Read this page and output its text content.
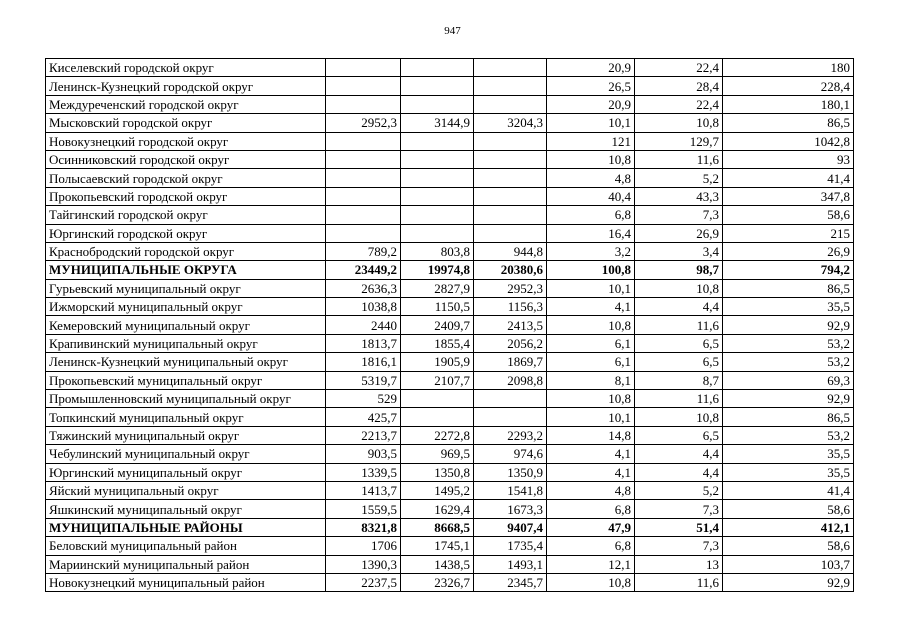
947
Киселевский городской округ				20,9	22,4	180
Ленинск-Кузнецкий городской округ				26,5	28,4	228,4
Междуреченский городской округ				20,9	22,4	180,1
Мысковский городской округ	2952,3	3144,9	3204,3	10,1	10,8	86,5
Новокузнецкий городской округ				121	129,7	1042,8
Осинниковский городской округ				10,8	11,6	93
Полысаевский городской округ				4,8	5,2	41,4
Прокопьевский городской округ				40,4	43,3	347,8
Тайгинский городской округ				6,8	7,3	58,6
Юргинский городской округ				16,4	26,9	215
Краснобродский городской округ	789,2	803,8	944,8	3,2	3,4	26,9
МУНИЦИПАЛЬНЫЕ ОКРУГА	23449,2	19974,8	20380,6	100,8	98,7	794,2
Гурьевский муниципальный округ	2636,3	2827,9	2952,3	10,1	10,8	86,5
Ижморский муниципальный округ	1038,8	1150,5	1156,3	4,1	4,4	35,5
Кемеровский муниципальный округ	2440	2409,7	2413,5	10,8	11,6	92,9
Крапивинский муниципальный округ	1813,7	1855,4	2056,2	6,1	6,5	53,2
Ленинск-Кузнецкий муниципальный округ	1816,1	1905,9	1869,7	6,1	6,5	53,2
Прокопьевский муниципальный округ	5319,7	2107,7	2098,8	8,1	8,7	69,3
Промышленновский муниципальный округ	529			10,8	11,6	92,9
Топкинский муниципальный округ	425,7			10,1	10,8	86,5
Тяжинский муниципальный округ	2213,7	2272,8	2293,2	14,8	6,5	53,2
Чебулинский муниципальный округ	903,5	969,5	974,6	4,1	4,4	35,5
Юргинский муниципальный округ	1339,5	1350,8	1350,9	4,1	4,4	35,5
Яйский муниципальный округ	1413,7	1495,2	1541,8	4,8	5,2	41,4
Яшкинский муниципальный округ	1559,5	1629,4	1673,3	6,8	7,3	58,6
МУНИЦИПАЛЬНЫЕ РАЙОНЫ	8321,8	8668,5	9407,4	47,9	51,4	412,1
Беловский муниципальный район	1706	1745,1	1735,4	6,8	7,3	58,6
Мариинский муниципальный район	1390,3	1438,5	1493,1	12,1	13	103,7
Новокузнецкий муниципальный район	2237,5	2326,7	2345,7	10,8	11,6	92,9
